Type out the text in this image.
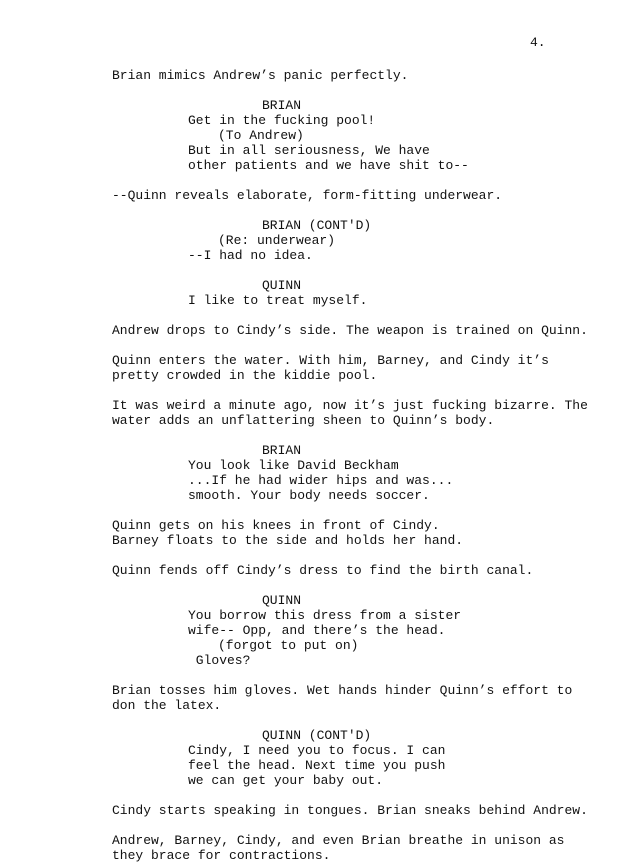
4.
Brian mimics Andrew’s panic perfectly.
BRIAN
Get in the fucking pool!
(To Andrew)
But in all seriousness, We have
other patients and we have shit to--
--Quinn reveals elaborate, form-fitting underwear.
BRIAN (CONT'D)
(Re: underwear)
--I had no idea.
QUINN
I like to treat myself.
Andrew drops to Cindy’s side. The weapon is trained on Quinn.
Quinn enters the water. With him, Barney, and Cindy it’s
pretty crowded in the kiddie pool.
It was weird a minute ago, now it’s just fucking bizarre. The
water adds an unflattering sheen to Quinn’s body.
BRIAN
You look like David Beckham
...If he had wider hips and was...
smooth. Your body needs soccer.
Quinn gets on his knees in front of Cindy.
Barney floats to the side and holds her hand.
Quinn fends off Cindy’s dress to find the birth canal.
QUINN
You borrow this dress from a sister
wife-- Opp, and there’s the head.
(forgot to put on)
Gloves?
Brian tosses him gloves. Wet hands hinder Quinn’s effort to
don the latex.
QUINN (CONT'D)
Cindy, I need you to focus. I can
feel the head. Next time you push
we can get your baby out.
Cindy starts speaking in tongues. Brian sneaks behind Andrew.
Andrew, Barney, Cindy, and even Brian breathe in unison as
they brace for contractions.
